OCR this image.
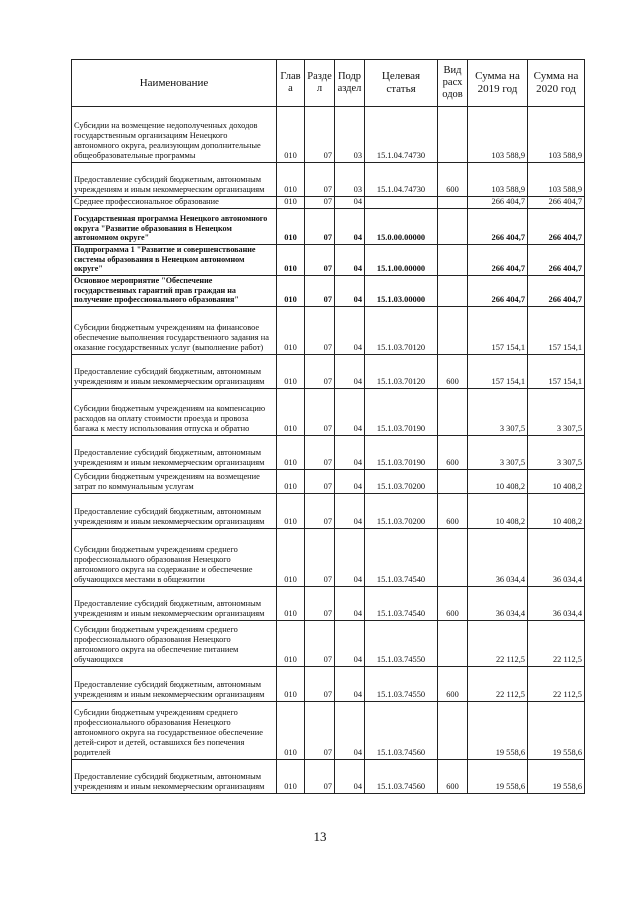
Наименование	Глав а	Разде л	Подр аздел	Целевая статья	Вид расх одов	Сумма на 2019 год	Сумма на 2020 год
Субсидии на возмещение недополученных доходов государственным организациям Ненецкого автономного округа, реализующим дополнительные общеобразовательные программы	010	07	03	15.1.04.74730		103 588,9	103 588,9
Предоставление субсидий бюджетным, автономным учреждениям и иным некоммерческим организациям	010	07	03	15.1.04.74730	600	103 588,9	103 588,9
Среднее профессиональное образование	010	07	04			266 404,7	266 404,7
Государственная программа Ненецкого автономного округа "Развитие образования в Ненецком автономном округе"	010	07	04	15.0.00.00000		266 404,7	266 404,7
Подпрограмма 1 "Развитие и совершенствование системы образования в Ненецком автономном округе"	010	07	04	15.1.00.00000		266 404,7	266 404,7
Основное мероприятие "Обеспечение государственных гарантий прав граждан на получение профессионального образования"	010	07	04	15.1.03.00000		266 404,7	266 404,7
Субсидии бюджетным учреждениям на финансовое обеспечение выполнения государственного задания на оказание государственных услуг (выполнение работ)	010	07	04	15.1.03.70120		157 154,1	157 154,1
Предоставление субсидий бюджетным, автономным учреждениям и иным некоммерческим организациям	010	07	04	15.1.03.70120	600	157 154,1	157 154,1
Субсидии бюджетным учреждениям на компенсацию расходов на оплату стоимости проезда и провоза багажа к месту использования отпуска и обратно	010	07	04	15.1.03.70190		3 307,5	3 307,5
Предоставление субсидий бюджетным, автономным учреждениям и иным некоммерческим организациям	010	07	04	15.1.03.70190	600	3 307,5	3 307,5
Субсидии бюджетным учреждениям на возмещение затрат по коммунальным услугам	010	07	04	15.1.03.70200		10 408,2	10 408,2
Предоставление субсидий бюджетным, автономным учреждениям и иным некоммерческим организациям	010	07	04	15.1.03.70200	600	10 408,2	10 408,2
Субсидии бюджетным учреждениям среднего профессионального образования Ненецкого автономного округа на содержание и обеспечение обучающихся местами в общежитии	010	07	04	15.1.03.74540		36 034,4	36 034,4
Предоставление субсидий бюджетным, автономным учреждениям и иным некоммерческим организациям	010	07	04	15.1.03.74540	600	36 034,4	36 034,4
Субсидии бюджетным учреждениям среднего профессионального образования Ненецкого автономного округа на обеспечение питанием обучающихся	010	07	04	15.1.03.74550		22 112,5	22 112,5
Предоставление субсидий бюджетным, автономным учреждениям и иным некоммерческим организациям	010	07	04	15.1.03.74550	600	22 112,5	22 112,5
Субсидии бюджетным учреждениям среднего профессионального образования Ненецкого автономного округа на государственное обеспечение детей-сирот и детей, оставшихся без попечения родителей	010	07	04	15.1.03.74560		19 558,6	19 558,6
Предоставление субсидий бюджетным, автономным учреждениям и иным некоммерческим организациям	010	07	04	15.1.03.74560	600	19 558,6	19 558,6
13
